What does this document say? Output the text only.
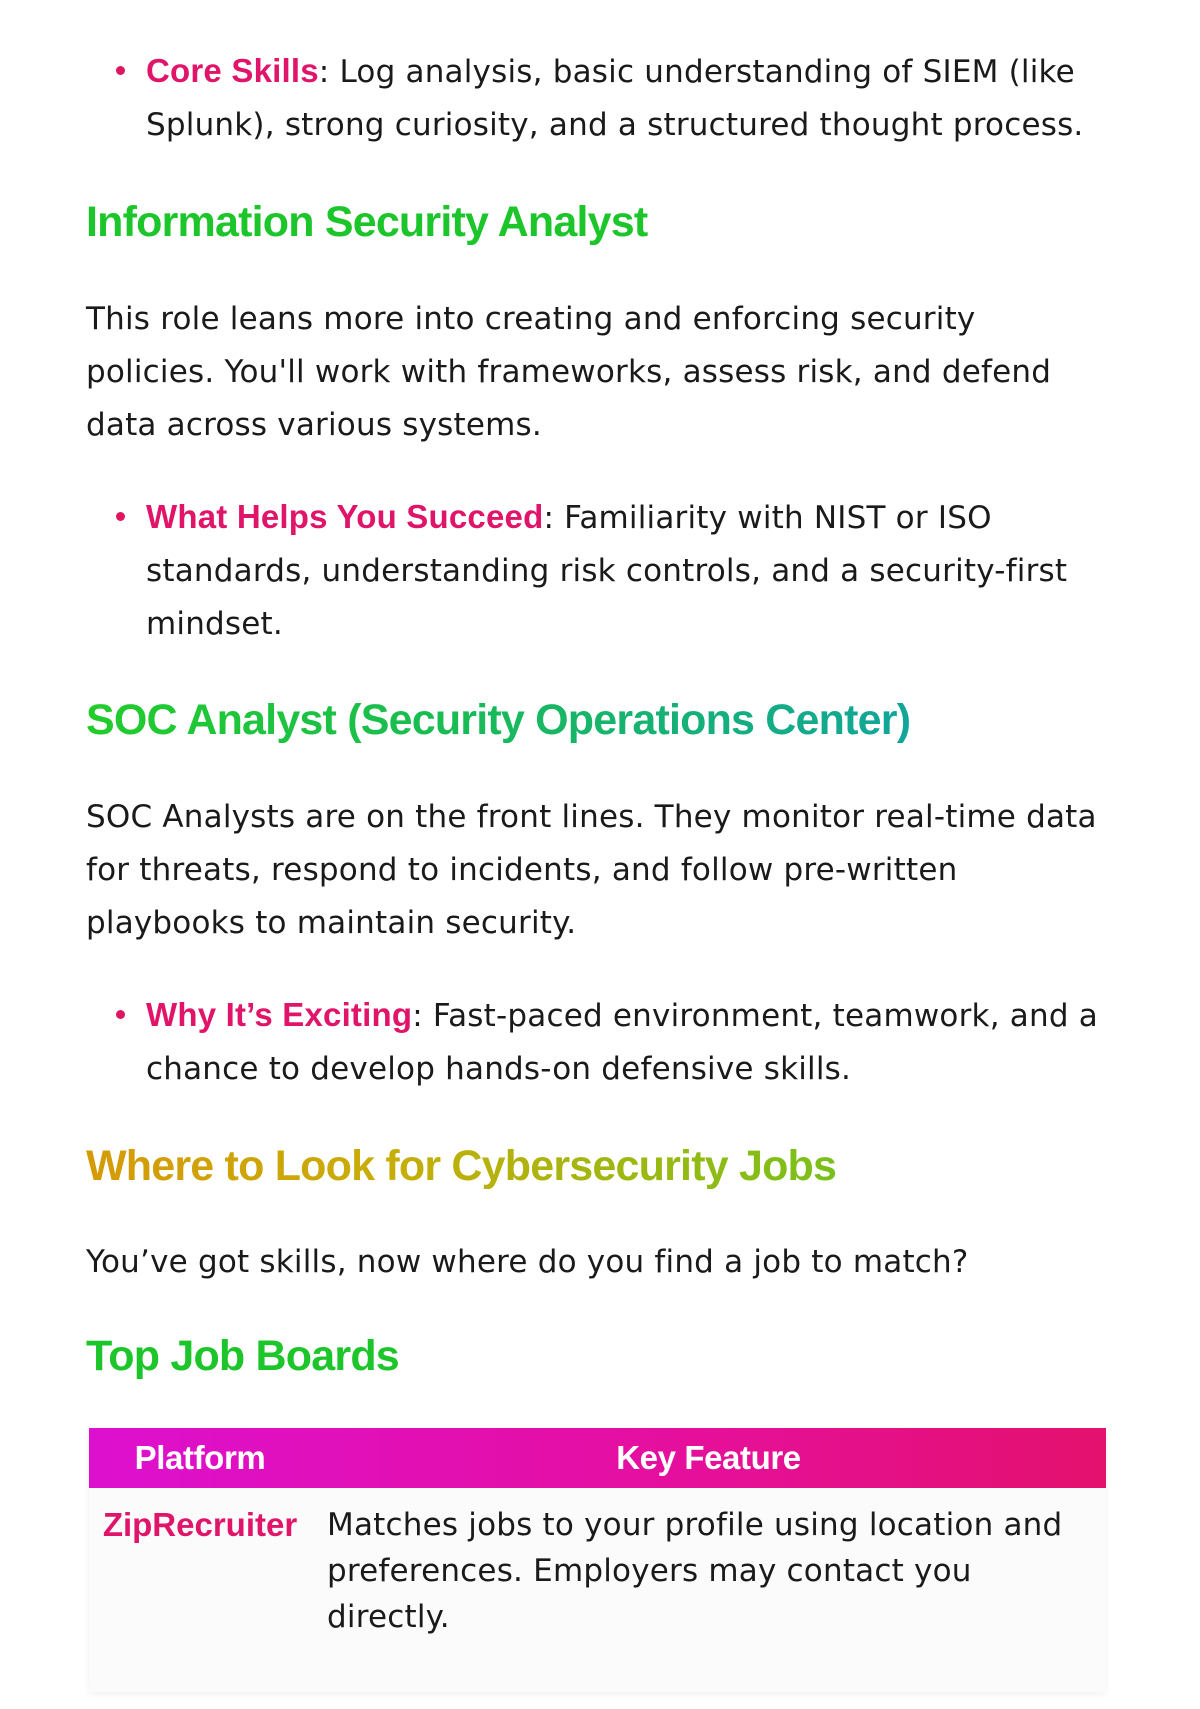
Core Skills: Log analysis, basic understanding of SIEM (like Splunk), strong curiosity, and a structured thought process.
Information Security Analyst

This role leans more into creating and enforcing security policies. You'll work with frameworks, assess risk, and defend data across various systems.

What Helps You Succeed: Familiarity with NIST or ISO standards, understanding risk controls, and a security-first mindset.
SOC Analyst (Security Operations Center)

SOC Analysts are on the front lines. They monitor real-time data for threats, respond to incidents, and follow pre-written playbooks to maintain security.

Why It’s Exciting: Fast-paced environment, teamwork, and a chance to develop hands-on defensive skills.
Where to Look for Cybersecurity Jobs

You’ve got skills, now where do you find a job to match?

Top Job Boards
Platform	Key Feature
ZipRecruiter	Matches jobs to your profile using location and preferences. Employers may contact you directly.
